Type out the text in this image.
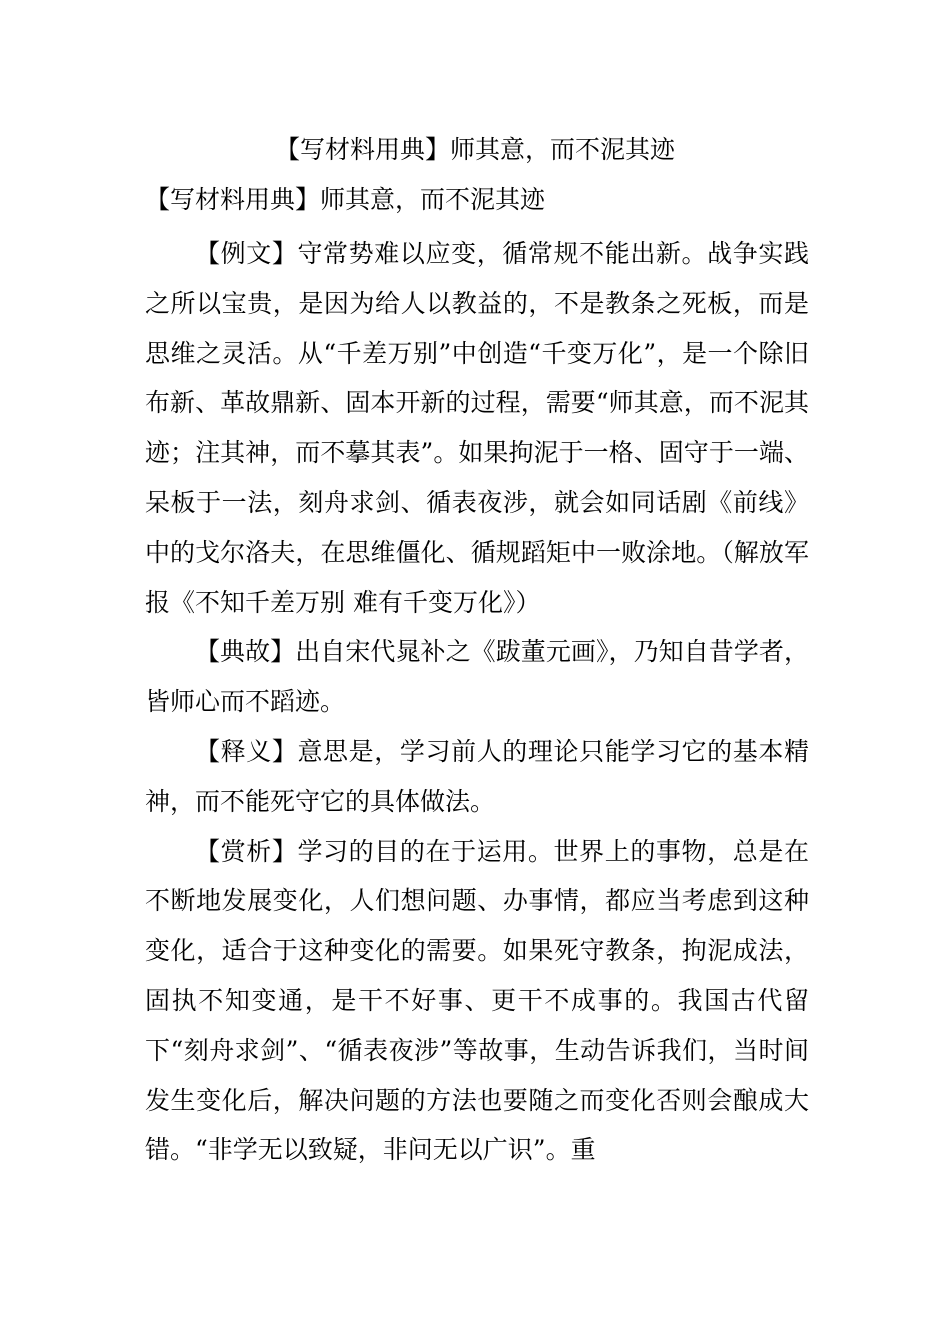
【写材料用典】师其意，而不泥其迹
【写材料用典】师其意，而不泥其迹

【例文】守常势难以应变，循常规不能出新。战争实践之所以宝贵，是因为给人以教益的，不是教条之死板，而是思维之灵活。从“千差万别”中创造“千变万化”，是一个除旧布新、革故鼎新、固本开新的过程，需要“师其意，而不泥其迹；注其神，而不摹其表”。如果拘泥于一格、固守于一端、呆板于一法，刻舟求剑、循表夜涉，就会如同话剧《前线》中的戈尔洛夫，在思维僵化、循规蹈矩中一败涂地。（解放军报《不知千差万别 难有千变万化》）

【典故】出自宋代晁补之《跋董元画》，乃知自昔学者，皆师心而不蹈迹。

【释义】意思是，学习前人的理论只能学习它的基本精神，而不能死守它的具体做法。

【赏析】学习的目的在于运用。世界上的事物，总是在不断地发展变化，人们想问题、办事情，都应当考虑到这种变化，适合于这种变化的需要。如果死守教条，拘泥成法，固执不知变通，是干不好事、更干不成事的。我国古代留下“刻舟求剑”、“循表夜涉”等故事，生动告诉我们，当时间发生变化后，解决问题的方法也要随之而变化否则会酿成大错。“非学无以致疑，非问无以广识”。重
